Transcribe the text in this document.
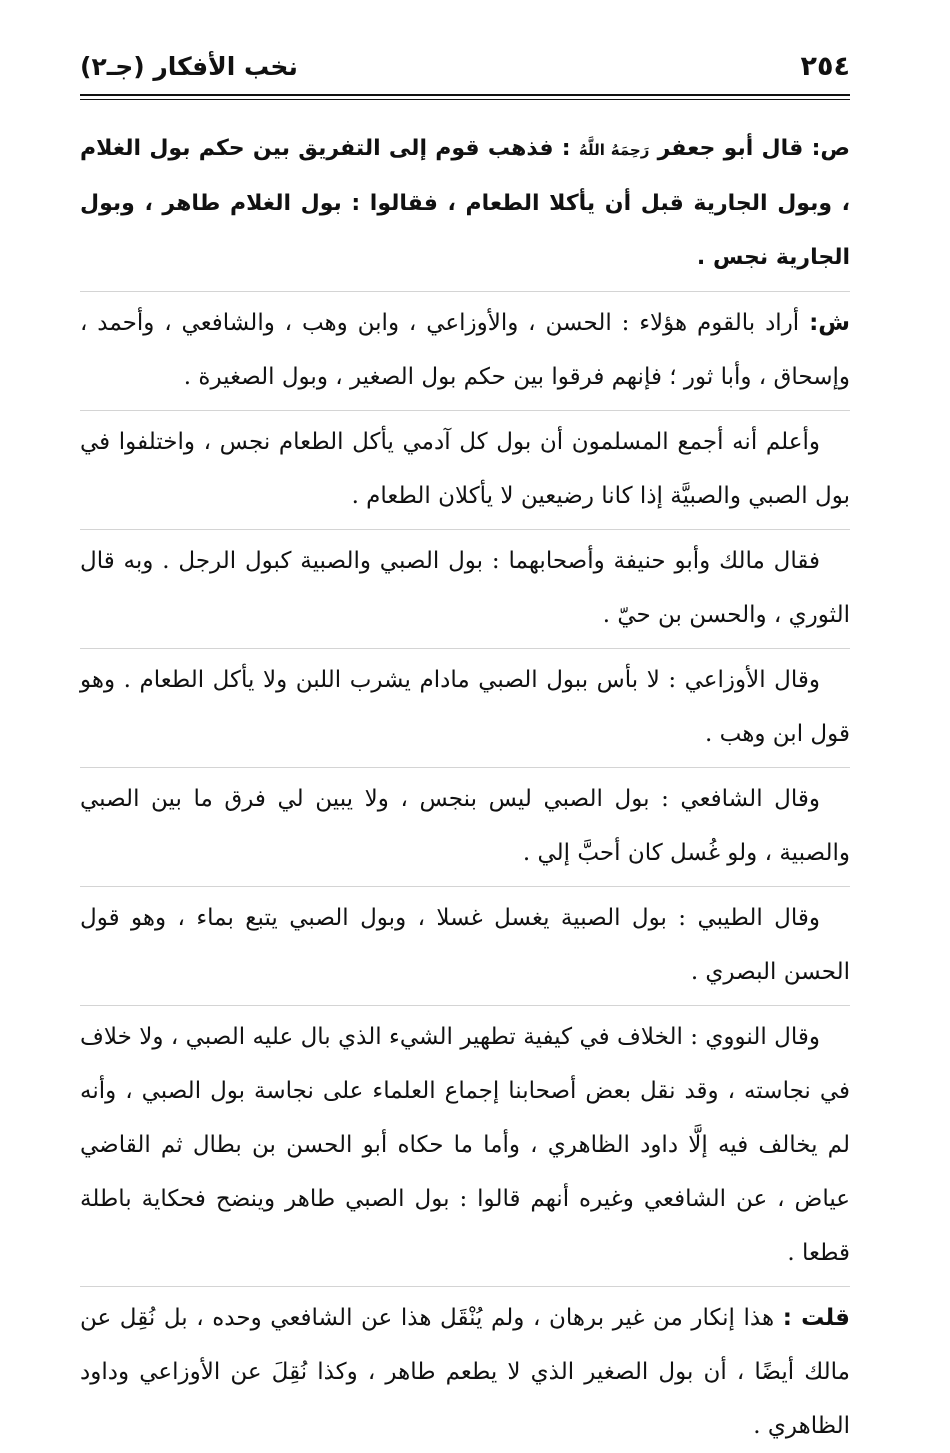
٢٥٤
نخب الأفكار (جـ٢)

ص: قال أبو جعفر رَحِمَهُ اللَّهُ : فذهب قوم إلى التفريق بين حكم بول الغلام ، وبول الجارية قبل أن يأكلا الطعام ، فقالوا : بول الغلام طاهر ، وبول الجارية نجس .

ش: أراد بالقوم هؤلاء : الحسن ، والأوزاعي ، وابن وهب ، والشافعي ، وأحمد ، وإسحاق ، وأبا ثور ؛ فإنهم فرقوا بين حكم بول الصغير ، وبول الصغيرة .

وأعلم أنه أجمع المسلمون أن بول كل آدمي يأكل الطعام نجس ، واختلفوا في بول الصبي والصبيَّة إذا كانا رضيعين لا يأكلان الطعام .

فقال مالك وأبو حنيفة وأصحابهما : بول الصبي والصبية كبول الرجل . وبه قال الثوري ، والحسن بن حيّ .

وقال الأوزاعي : لا بأس ببول الصبي مادام يشرب اللبن ولا يأكل الطعام . وهو قول ابن وهب .

وقال الشافعي : بول الصبي ليس بنجس ، ولا يبين لي فرق ما بين الصبي والصبية ، ولو غُسل كان أحبَّ إلي .

وقال الطيبي : بول الصبية يغسل غسلا ، وبول الصبي يتبع بماء ، وهو قول الحسن البصري .

وقال النووي : الخلاف في كيفية تطهير الشيء الذي بال عليه الصبي ، ولا خلاف في نجاسته ، وقد نقل بعض أصحابنا إجماع العلماء على نجاسة بول الصبي ، وأنه لم يخالف فيه إلَّا داود الظاهري ، وأما ما حكاه أبو الحسن بن بطال ثم القاضي عياض ، عن الشافعي وغيره أنهم قالوا : بول الصبي طاهر وينضح فحكاية باطلة قطعا .

قلت : هذا إنكار من غير برهان ، ولم يُنْقَل هذا عن الشافعي وحده ، بل نُقِل عن مالك أيضًا ، أن بول الصغير الذي لا يطعم طاهر ، وكذا نُقِلَ عن الأوزاعي وداود الظاهري .
